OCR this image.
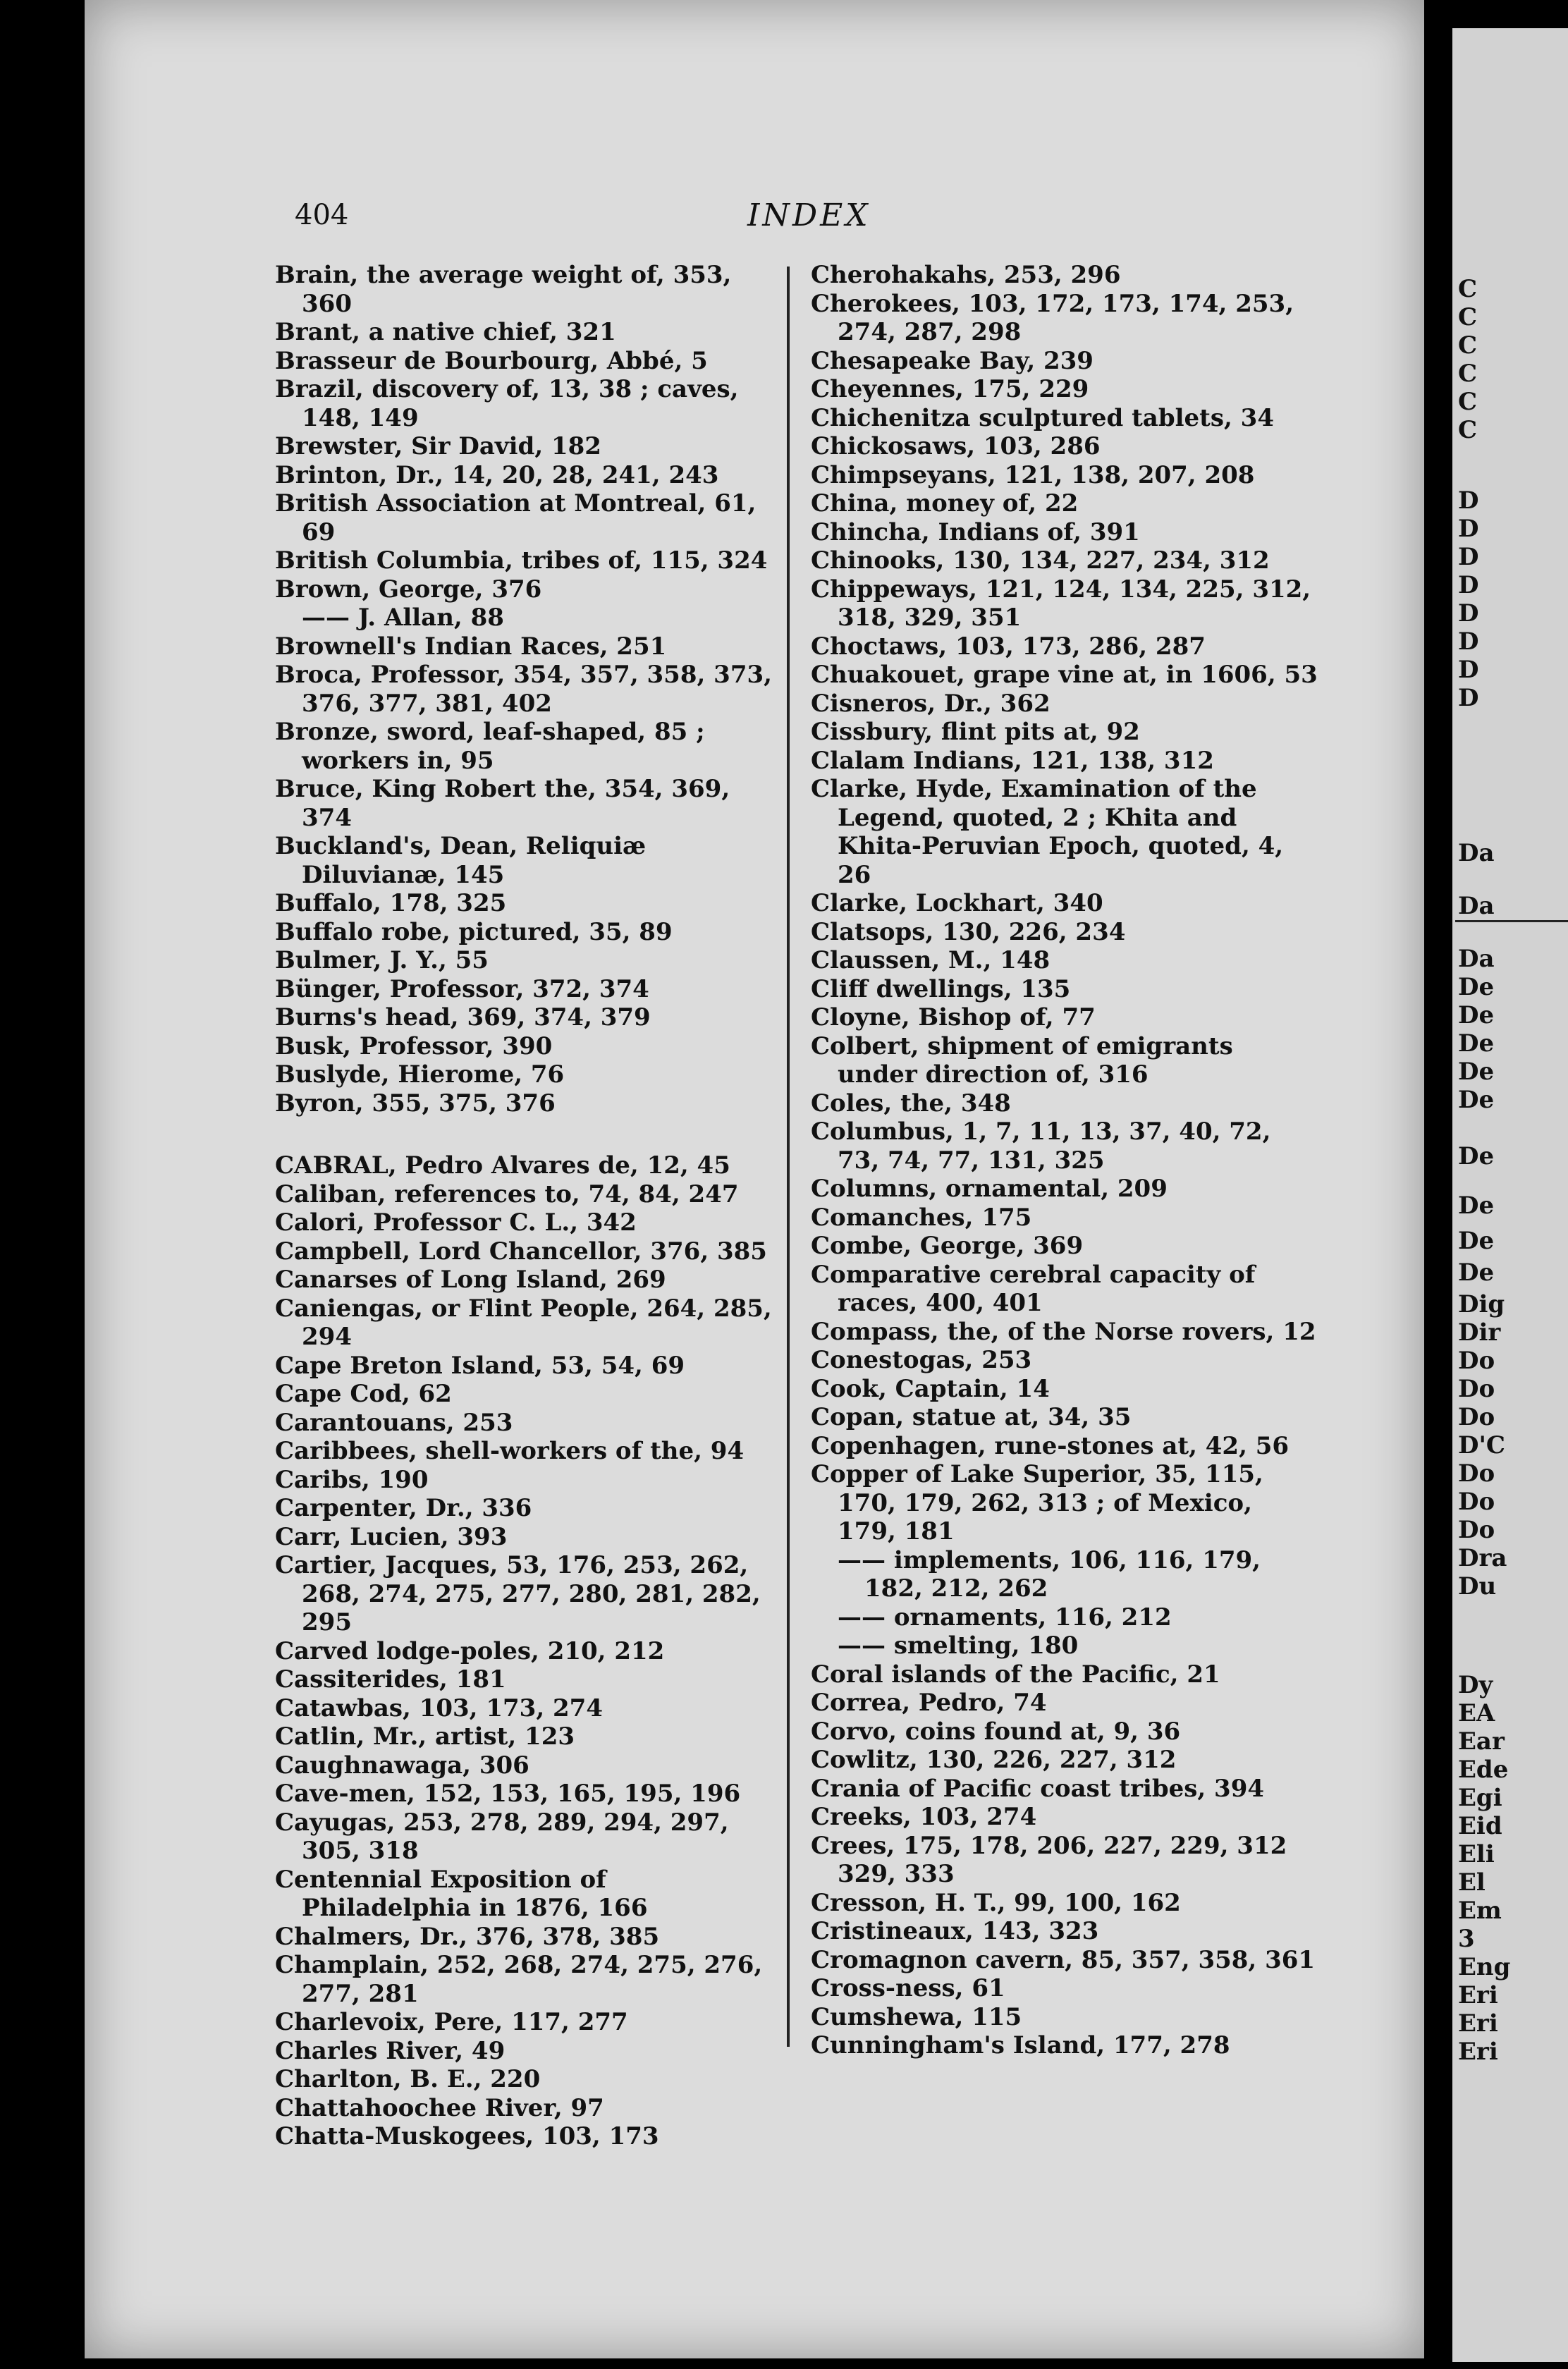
404	INDEX
Brain, the average weight of, 353, 360
Brant, a native chief, 321
Brasseur de Bourbourg, Abbé, 5
Brazil, discovery of, 13, 38 ; caves, 148, 149
Brewster, Sir David, 182
Brinton, Dr., 14, 20, 28, 241, 243
British Association at Montreal, 61, 69
British Columbia, tribes of, 115, 324
Brown, George, 376
—— J. Allan, 88
Brownell's Indian Races, 251
Broca, Professor, 354, 357, 358, 373, 376, 377, 381, 402
Bronze, sword, leaf-shaped, 85 ; workers in, 95
Bruce, King Robert the, 354, 369, 374
Buckland's, Dean, Reliquiæ Diluvianæ, 145
Buffalo, 178, 325
Buffalo robe, pictured, 35, 89
Bulmer, J. Y., 55
Bünger, Professor, 372, 374
Burns's head, 369, 374, 379
Busk, Professor, 390
Buslyde, Hierome, 76
Byron, 355, 375, 376
CABRAL, Pedro Alvares de, 12, 45
Caliban, references to, 74, 84, 247
Calori, Professor C. L., 342
Campbell, Lord Chancellor, 376, 385
Canarses of Long Island, 269
Caniengas, or Flint People, 264, 285, 294
Cape Breton Island, 53, 54, 69
Cape Cod, 62
Carantouans, 253
Caribbees, shell-workers of the, 94
Caribs, 190
Carpenter, Dr., 336
Carr, Lucien, 393
Cartier, Jacques, 53, 176, 253, 262, 268, 274, 275, 277, 280, 281, 282, 295
Carved lodge-poles, 210, 212
Cassiterides, 181
Catawbas, 103, 173, 274
Catlin, Mr., artist, 123
Caughnawaga, 306
Cave-men, 152, 153, 165, 195, 196
Cayugas, 253, 278, 289, 294, 297, 305, 318
Centennial Exposition of Philadelphia in 1876, 166
Chalmers, Dr., 376, 378, 385
Champlain, 252, 268, 274, 275, 276, 277, 281
Charlevoix, Pere, 117, 277
Charles River, 49
Charlton, B. E., 220
Chattahoochee River, 97
Chatta-Muskogees, 103, 173
Cherohakahs, 253, 296
Cherokees, 103, 172, 173, 174, 253, 274, 287, 298
Chesapeake Bay, 239
Cheyennes, 175, 229
Chichenitza sculptured tablets, 34
Chickosaws, 103, 286
Chimpseyans, 121, 138, 207, 208
China, money of, 22
Chincha, Indians of, 391
Chinooks, 130, 134, 227, 234, 312
Chippeways, 121, 124, 134, 225, 312, 318, 329, 351
Choctaws, 103, 173, 286, 287
Chuakouet, grape vine at, in 1606, 53
Cisneros, Dr., 362
Cissbury, flint pits at, 92
Clalam Indians, 121, 138, 312
Clarke, Hyde, Examination of the Legend, quoted, 2 ; Khita and Khita-Peruvian Epoch, quoted, 4, 26
Clarke, Lockhart, 340
Clatsops, 130, 226, 234
Claussen, M., 148
Cliff dwellings, 135
Cloyne, Bishop of, 77
Colbert, shipment of emigrants under direction of, 316
Coles, the, 348
Columbus, 1, 7, 11, 13, 37, 40, 72, 73, 74, 77, 131, 325
Columns, ornamental, 209
Comanches, 175
Combe, George, 369
Comparative cerebral capacity of races, 400, 401
Compass, the, of the Norse rovers, 12
Conestogas, 253
Cook, Captain, 14
Copan, statue at, 34, 35
Copenhagen, rune-stones at, 42, 56
Copper of Lake Superior, 35, 115, 170, 179, 262, 313 ; of Mexico, 179, 181
—— implements, 106, 116, 179, 182, 212, 262
—— ornaments, 116, 212
—— smelting, 180
Coral islands of the Pacific, 21
Correa, Pedro, 74
Corvo, coins found at, 9, 36
Cowlitz, 130, 226, 227, 312
Crania of Pacific coast tribes, 394
Creeks, 103, 274
Crees, 175, 178, 206, 227, 229, 312 329, 333
Cresson, H. T., 99, 100, 162
Cristineaux, 143, 323
Cromagnon cavern, 85, 357, 358, 361
Cross-ness, 61
Cumshewa, 115
Cunningham's Island, 177, 278
C
C
C
C
C
C
D
D
D
D
D
D
D
D
Da
Da
Da
De
De
De
De
De
De
De
De
De
Dig
Dir
Do
Do
Do
D'C
Do
Do
Do
Dra
Du
Dy
EA
Ear
Ede
Egi
Eid
Eli
El
Em
3
Eng
Eri
Eri
Eri
